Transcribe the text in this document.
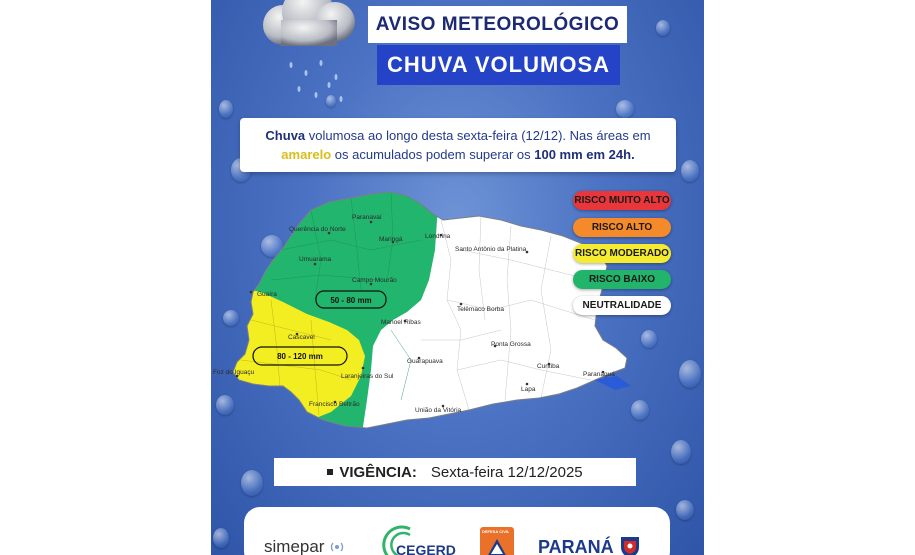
AVISO METEOROLÓGICO
CHUVA VOLUMOSA
Chuva volumosa ao longo desta sexta-feira (12/12). Nas áreas em
amarelo os acumulados podem superar os 100 mm em 24h.
50 - 80 mm
80 - 120 mm
Paranavaí
Querência do Norte
Maringá	Londrina
Santo Antônio da Platina
Umuarama
Campo Mourão
Guaíra
Manoel Ribas
Telêmaco Borba
Cascavel
Ponta Grossa
Guarapuava
Foz do Iguaçu
Laranjeiras do Sul
Curitiba
Paranaguá
Lapa
Francisco Beltrão
União da Vitória
RISCO MUITO ALTO
RISCO ALTO
RISCO MODERADO
RISCO BAIXO
NEUTRALIDADE
VIGÊNCIA: Sexta-feira 12/12/2025
simepar	CEGERD
DEFESA CIVIL
PARANÁ
